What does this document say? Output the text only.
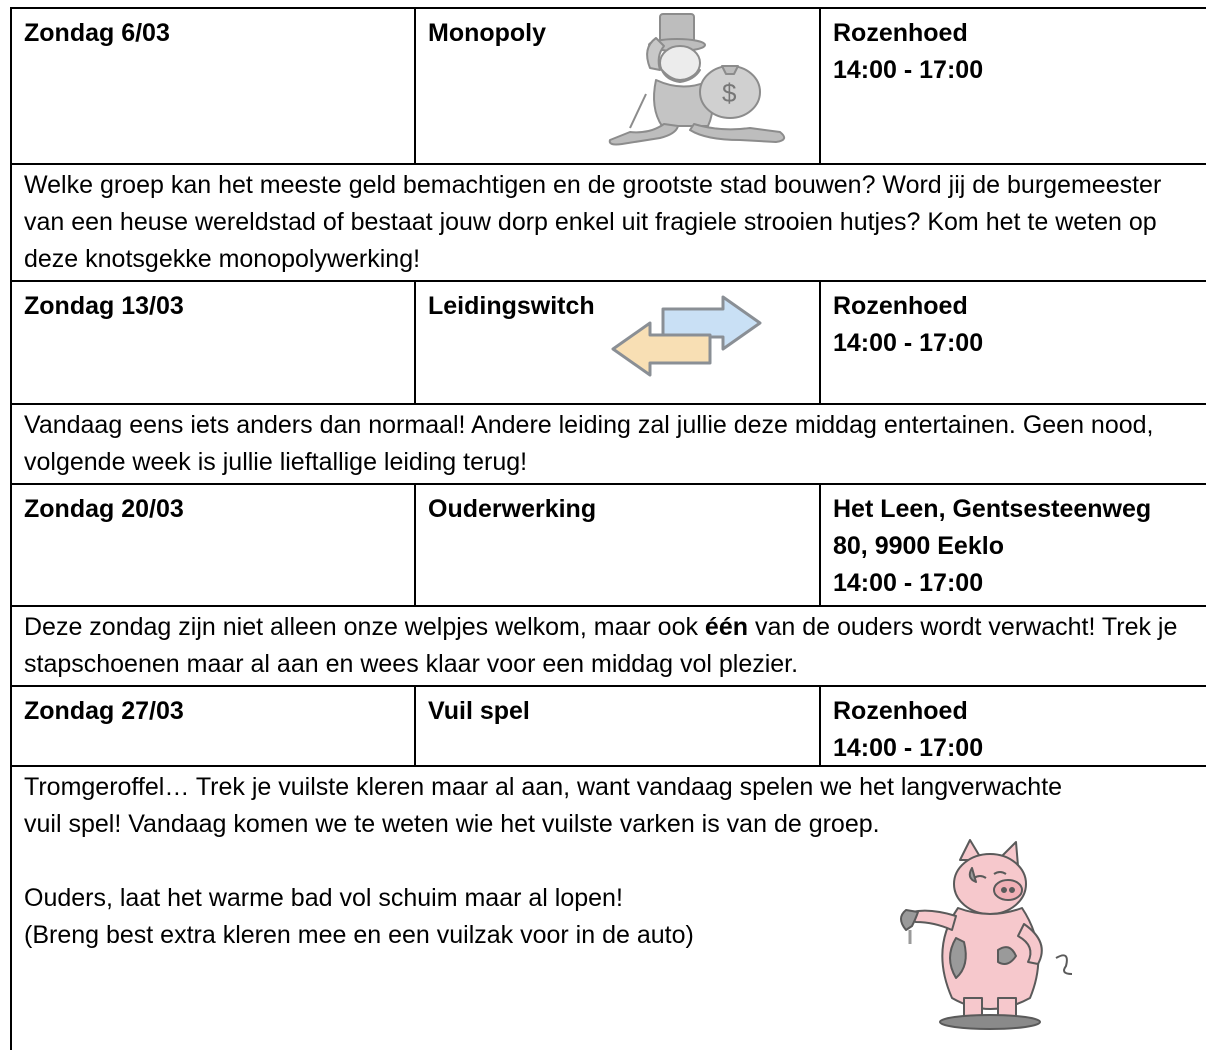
Zondag 6/03	Monopoly	Rozenhoed
14:00 - 17:00

Welke groep kan het meeste geld bemachtigen en de grootste stad bouwen? Word jij de burgemeester van een heuse wereldstad of bestaat jouw dorp enkel uit fragiele strooien hutjes? Kom het te weten op deze knotsgekke monopolywerking!

Zondag 13/03	Leidingswitch	Rozenhoed
14:00 - 17:00

Vandaag eens iets anders dan normaal! Andere leiding zal jullie deze middag entertainen. Geen nood, volgende week is jullie lieftallige leiding terug!

Zondag 20/03	Ouderwerking	Het Leen, Gentsesteenweg
80, 9900 Eeklo
14:00 - 17:00

Deze zondag zijn niet alleen onze welpjes welkom, maar ook één van de ouders wordt verwacht! Trek je stapschoenen maar al aan en wees klaar voor een middag vol plezier.

Zondag 27/03	Vuil spel	Rozenhoed
14:00 - 17:00

Tromgeroffel… Trek je vuilste kleren maar al aan, want vandaag spelen we het langverwachte vuil spel! Vandaag komen we te weten wie het vuilste varken is van de groep.

Ouders, laat het warme bad vol schuim maar al lopen!

(Breng best extra kleren mee en een vuilzak voor in de auto)

$
